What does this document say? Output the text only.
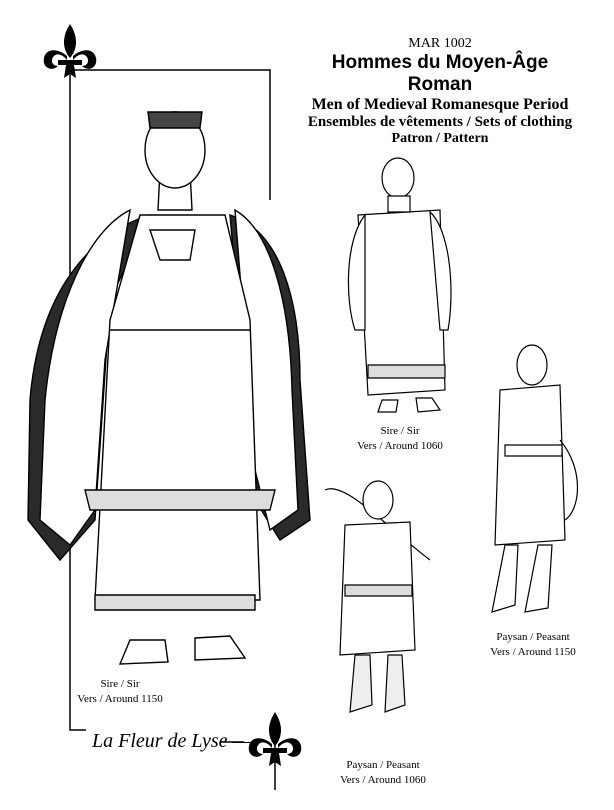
MAR 1002
Hommes du Moyen-Âge Roman
Men of Medieval Romanesque Period
Ensembles de vêtements / Sets of clothing
Patron / Pattern
Sire / Sir
Vers / Around 1150
Sire / Sir
Vers / Around 1060
Paysan / Peasant
Vers / Around 1150
Paysan / Peasant
Vers / Around 1060
La Fleur de Lyse —
